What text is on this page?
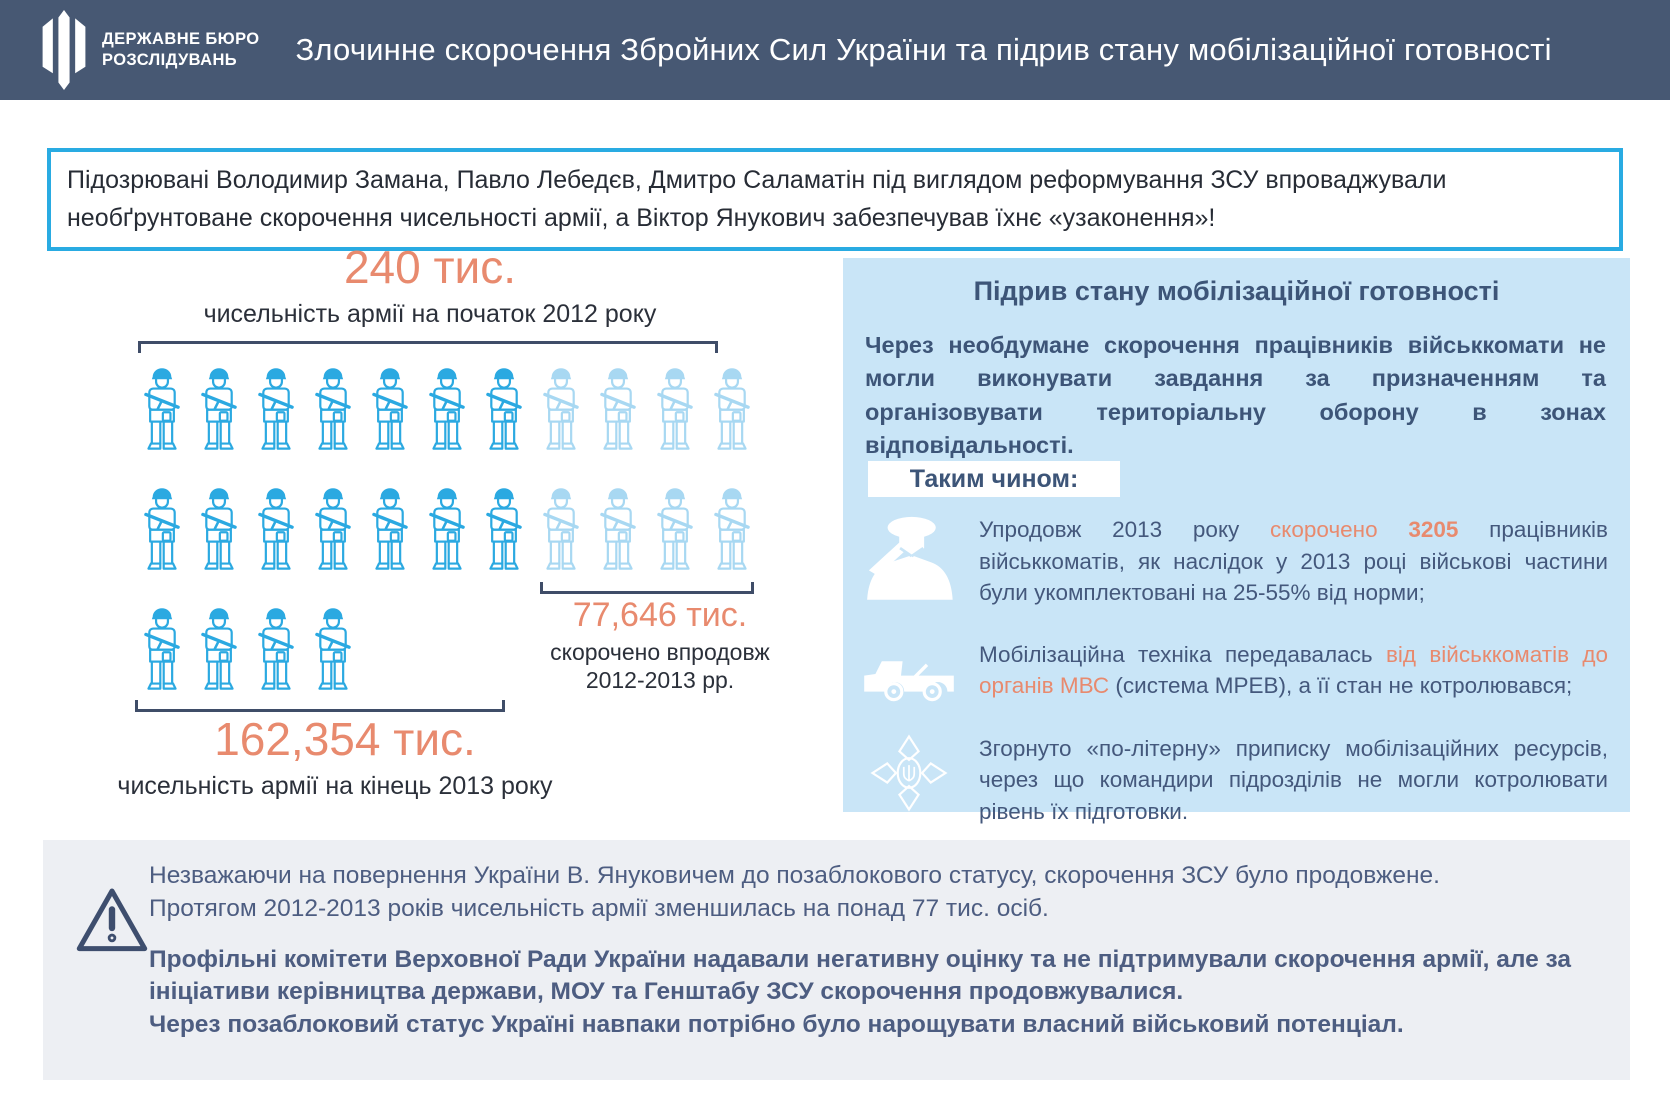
ДЕРЖАВНЕ БЮРО
РОЗСЛІДУВАНЬ	Злочинне скорочення Збройних Сил України та підрив стану мобілізаційної готовності
Підозрювані Володимир Замана, Павло Лебедєв, Дмитро Саламатін під виглядом реформування ЗСУ впроваджували необґрунтоване скорочення чисельності армії, а Віктор Янукович забезпечував їхнє «узаконення»!
240 тис.
чисельність армії на початок 2012 року
77,646 тис.
скорочено впродовж
2012-2013 рр.
162,354 тис.
чисельність армії на кінець 2013 року
Підрив стану мобілізаційної готовності
Через необдумане скорочення працівників військкомати не могли виконувати завдання за призначенням та організовувати територіальну оборону в зонах відповідальності.
Таким чином:

Упродовж 2013 року скорочено 3205 працівників військкоматів, як наслідок у 2013 році військові частини були укомплектовані на 25-55% від норми;

Мобілізаційна техніка передавалась від військкоматів до органів МВС (система МРЕВ), а її стан не котролювався;

Згорнуто «по-літерну» приписку мобілізаційних ресурсів, через що командири підрозділів не могли котролювати рівень їх підготовки.

Незважаючи на повернення України В. Януковичем до позаблокового статусу, скорочення ЗСУ було продовжене.
Протягом 2012-2013 років чисельність армії зменшилась на понад 77 тис. осіб.
Профільні комітети Верховної Ради України надавали негативну оцінку та не підтримували скорочення армії, але за ініціативи керівництва держави, МОУ та Генштабу ЗСУ скорочення продовжувалися.
Через позаблоковий статус Україні навпаки потрібно було нарощувати власний військовий потенціал.
